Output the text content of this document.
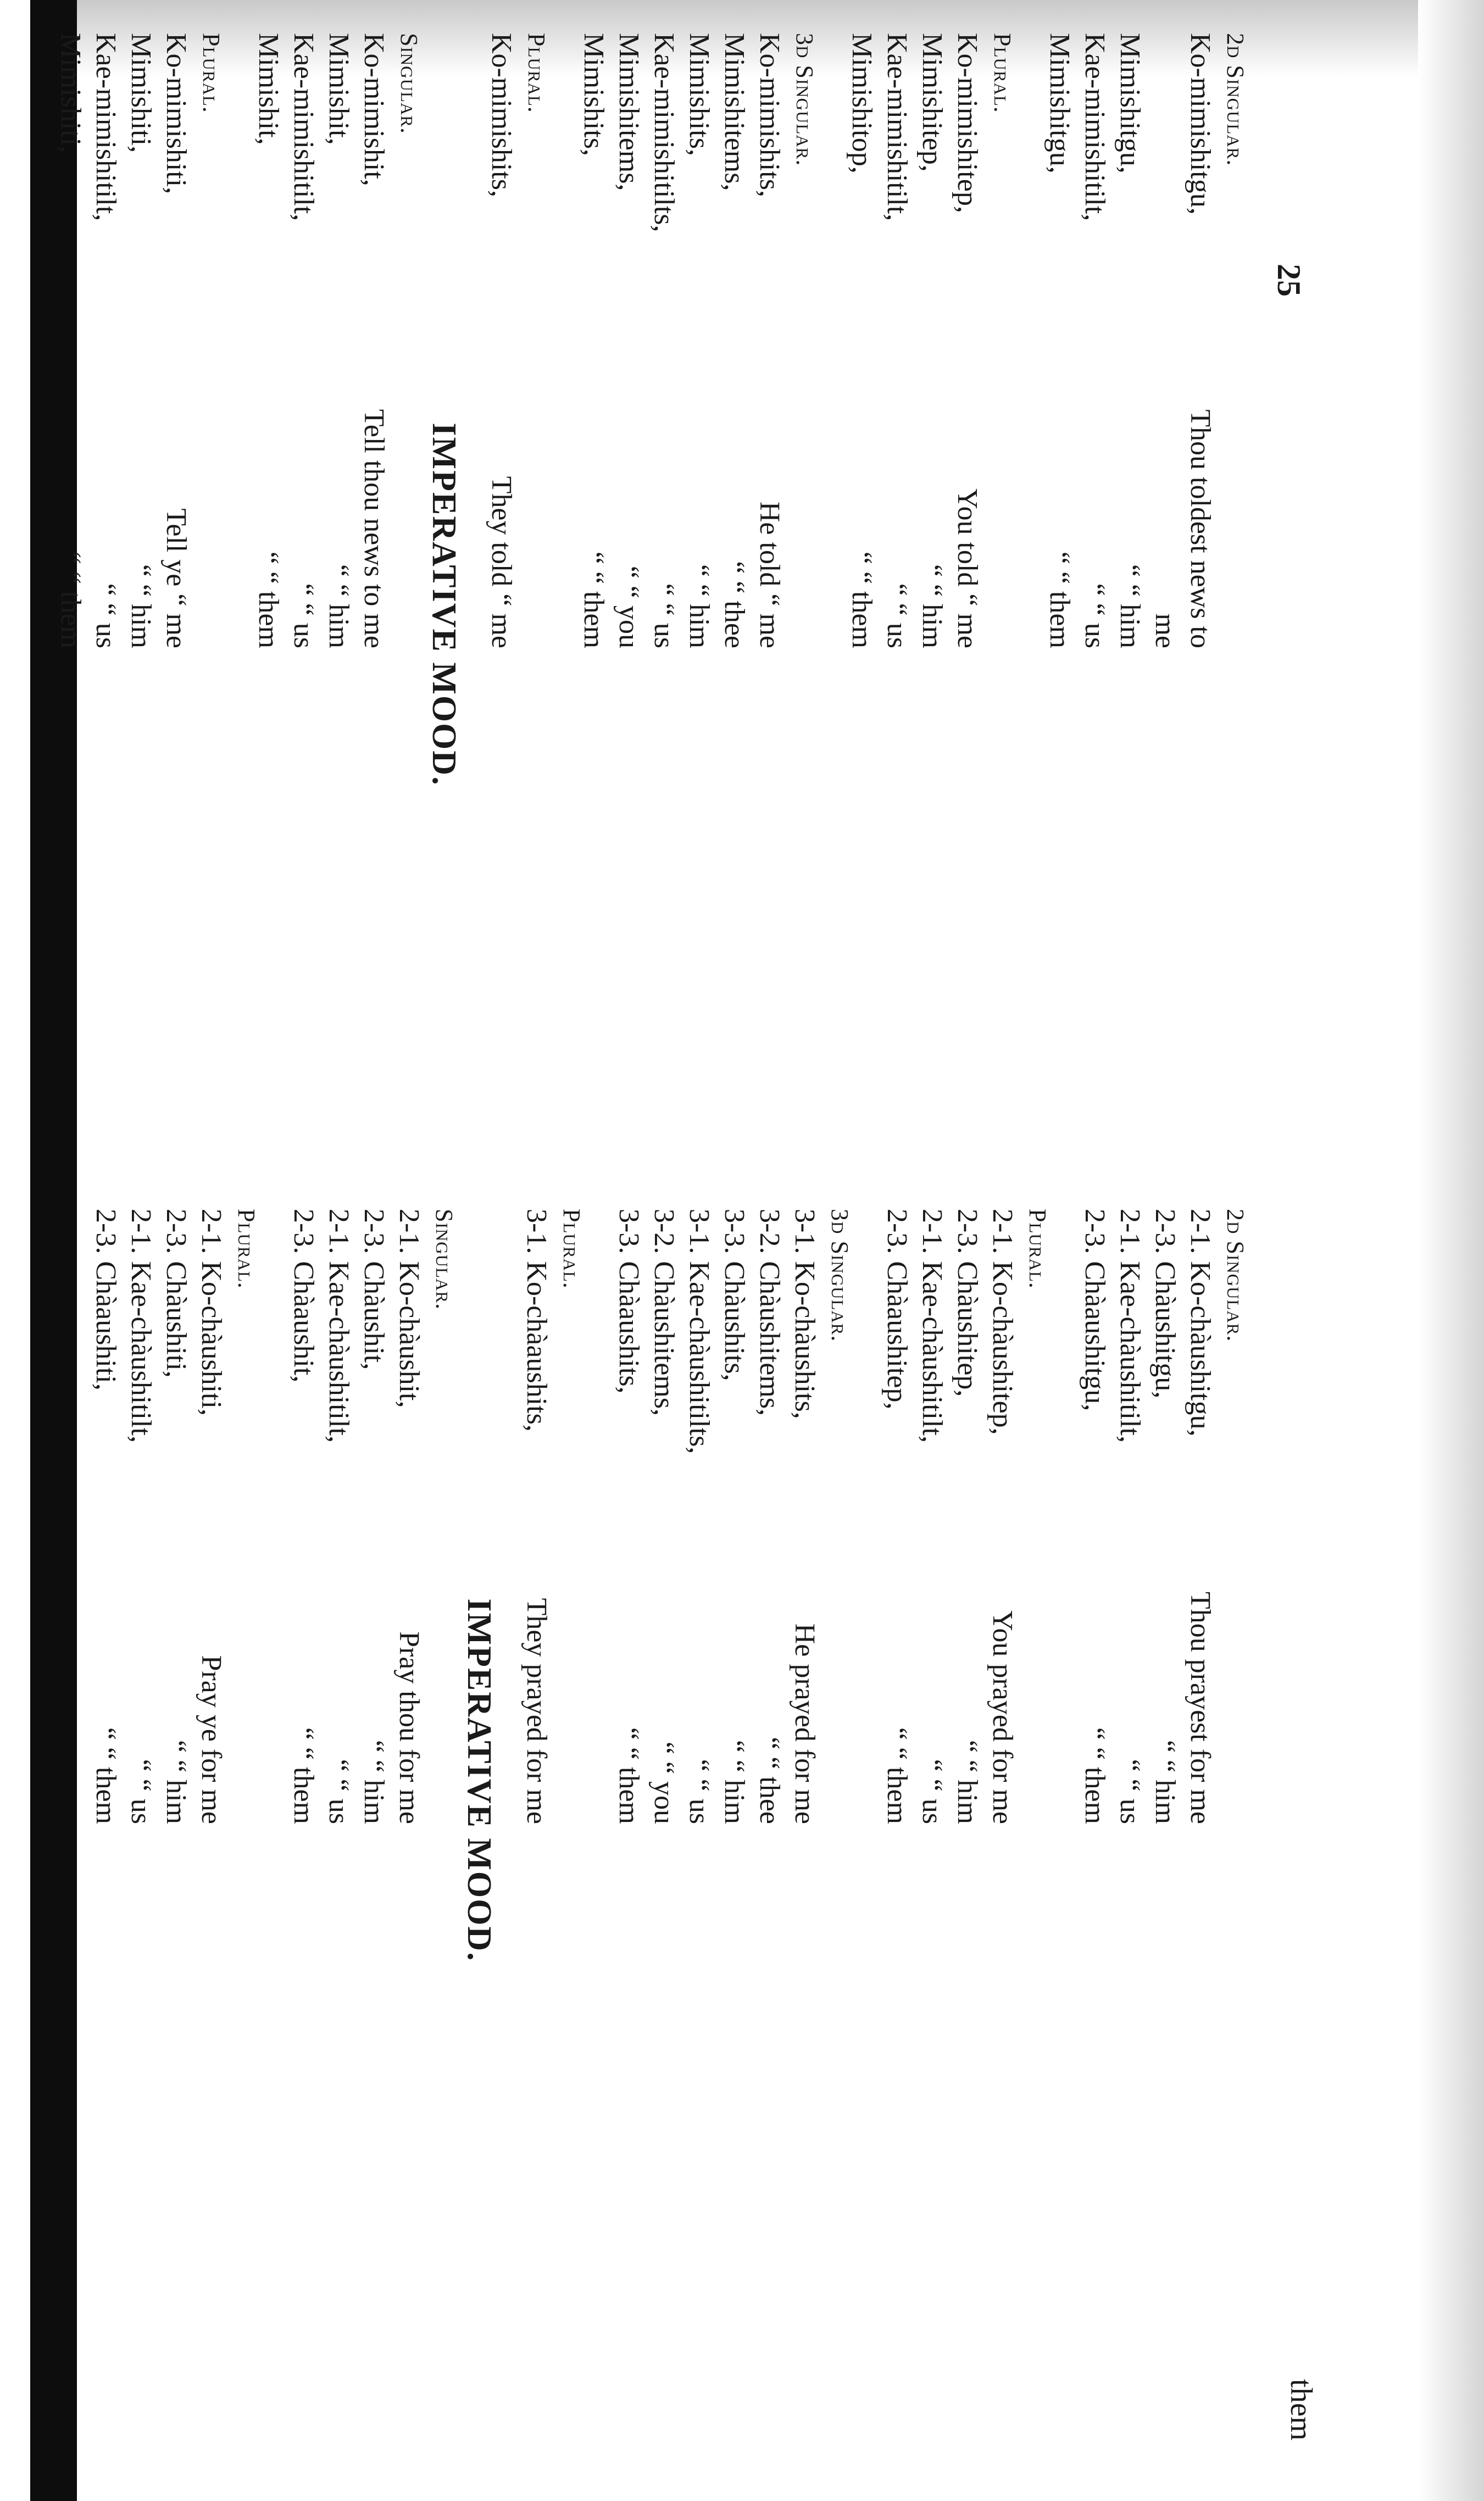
25
them
2d Singular.
2-1. Ko-chàushitgu,
Thou prayest for me
2-3. Chàushitgu,
“ “ him
2-1. Kae-chàushitilt,
“ “ us
2-3. Chàaushitgu,
“ “ them
Plural.
2-1. Ko-chàushitep,
You prayed for me
2-3. Chàushitep,
“ “ him
2-1. Kae-chàushitilt,
“ “ us
2-3. Chàaushitep,
“ “ them
3d Singular.
3-1. Ko-chàushits,
He prayed for me
3-2. Chàushitems,
“ “ thee
3-3. Chàushits,
“ “ him
3-1. Kae-chàushitilts,
“ “ us
3-2. Chàushitems,
“ “ you
3-3. Chàaushits,
“ “ them
Plural.
3-1. Ko-chàaushits,
They prayed for me
IMPERATIVE MOOD.
Singular.
2-1. Ko-chàushit,
Pray thou for me
2-3. Chàushit,
“ “ him
2-1. Kae-chàushitilt,
“ “ us
2-3. Chàaushit,
“ “ them
Plural.
2-1. Ko-chàushiti,
Pray ye for me
2-3. Chàushiti,
“ “ him
2-1. Kae-chàushitilt,
“ “ us
2-3. Chàaushiti,
“ “ them
2d Singular.
Ko-mimishitgu,
Thou toldest news to me
Mimishitgu,
“ “ him
Kae-mimishitilt,
“ “ us
Mimishitgu,
“ “ them
Plural.
Ko-mimishitep,
You told “ me
Mimishitep,
“ “ him
Kae-mimishitilt,
“ “ us
Mimishitop,
“ “ them
3d Singular.
Ko-mimishits,
He told “ me
Mimishitems,
“ “ thee
Mimishits,
“ “ him
Kae-mimishitilts,
“ “ us
Mimishitems,
“ “ you
Mimishits,
“ “ them
Plural.
Ko-mimishits,
They told “ me
IMPERATIVE MOOD.
Singular.
Ko-mimishit,
Tell thou news to me
Mimishit,
“ “ him
Kae-mimishitilt,
“ “ us
Mimishit,
“ “ them
Plural.
Ko-mimishiti,
Tell ye “ me
Mimishiti,
“ “ him
Kae-mimishitilt,
“ “ us
Mimishiti,
“ “ them
